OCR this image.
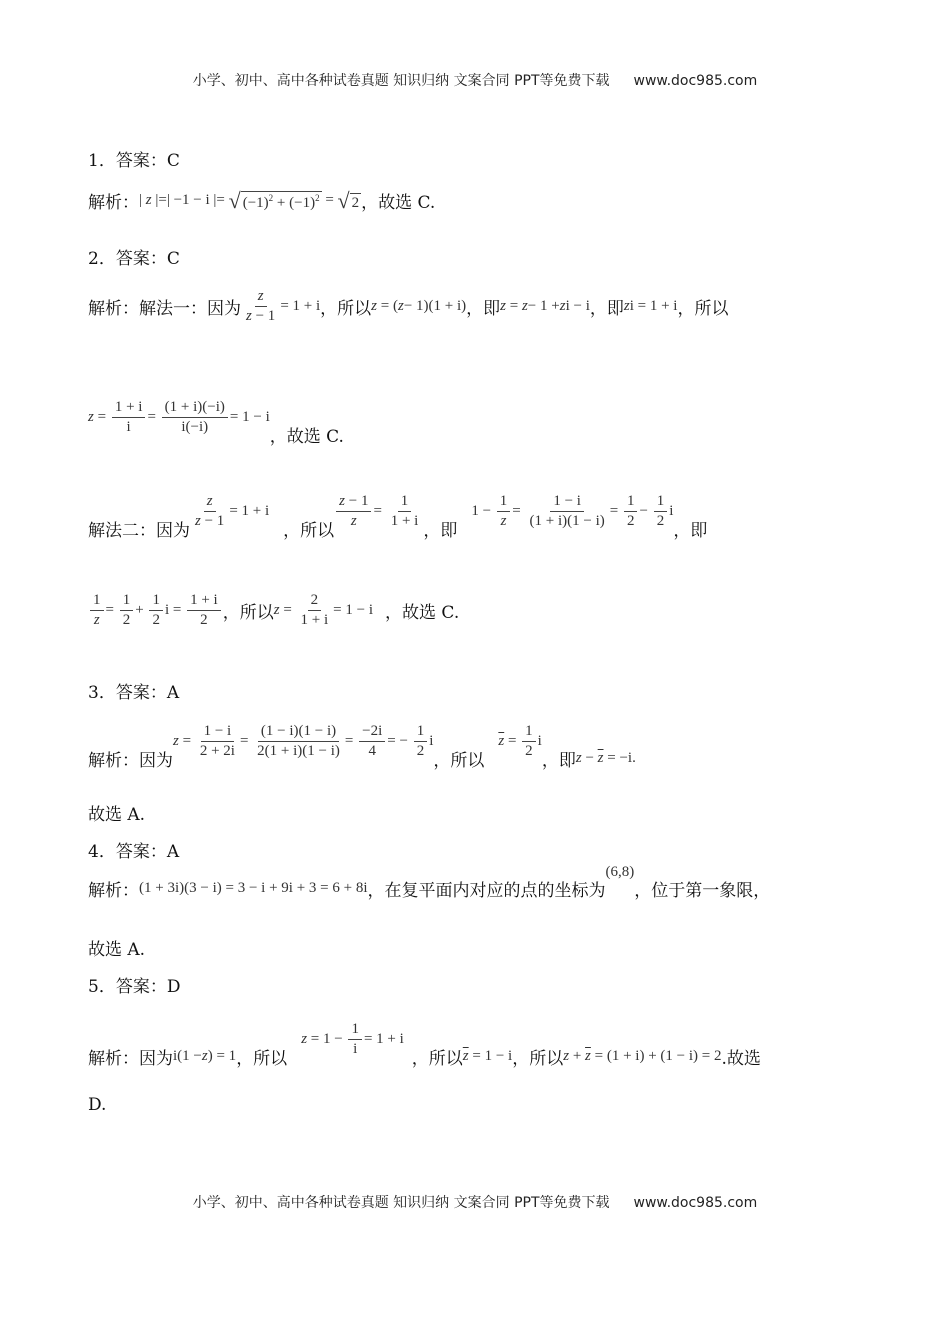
小学、初中、高中各种试卷真题 知识归纳 文案合同 PPT等免费下载 www.doc985.com
1．答案：C
解析： | z |=| −1 − i |= √ $(-1)^2 + (-1)^2$ = √ 2 ，故选 C.
2．答案：C
解析：解法一：因为 $\frac{z}{z - 1} = 1 + i$ ，所以 z = ( z − 1)(1 + i) ，即 z = z − 1 + z i − i ，即 z i = 1 + i ，所以
$z = \frac{1 + i}{i} = \frac{(1 + i)(-i)}{i(-i)} = 1 - i$
，故选 C.
解法二：因为
$\frac{z}{z - 1} = 1 + i$
，所以
$\frac{z - 1}{z} = \frac{1}{1 + i}$
，即
$1 - \frac{1}{z} = \frac{1 - i}{(1 + i)(1 - i)} = \frac{1}{2} - \frac{1}{2}$ i
，即
$\frac{1}{z} = \frac{1}{2} + \frac{1}{2}$ $i = \frac{1 + i}{2}$ ，所以 $z = \frac{2}{1 + i} = 1 - i$ ，故选 C.
3．答案：A
解析：因为
$z = \frac{1 - i}{2 + 2i} = \frac{(1 - i)(1 - i)}{2(1 + i)(1 - i)} = \frac{-2i}{4}$ = − $\frac{1}{2}$ i
，所以
$\overline{z} = \frac{1}{2}$ i
，即 $z - \overline{z} = -i$.
故选 A.
4．答案：A
解析： (1 + 3i)(3 − i) = 3 − i + 9i + 3 = 6 + 8i ，在复平面内对应的点的坐标为
(6,8)
，位于第一象限，
故选 A.
5．答案：D
解析：因为 i(1 − z ) = 1 ，所以
$z = 1 - \frac{1}{i} = 1 + i$
，所以 $\overline{z} = 1 - i$ ，所以 $z + \overline{z} = (1 + i) + (1 - i) = 2$ .故选
D.
小学、初中、高中各种试卷真题 知识归纳 文案合同 PPT等免费下载 www.doc985.com
